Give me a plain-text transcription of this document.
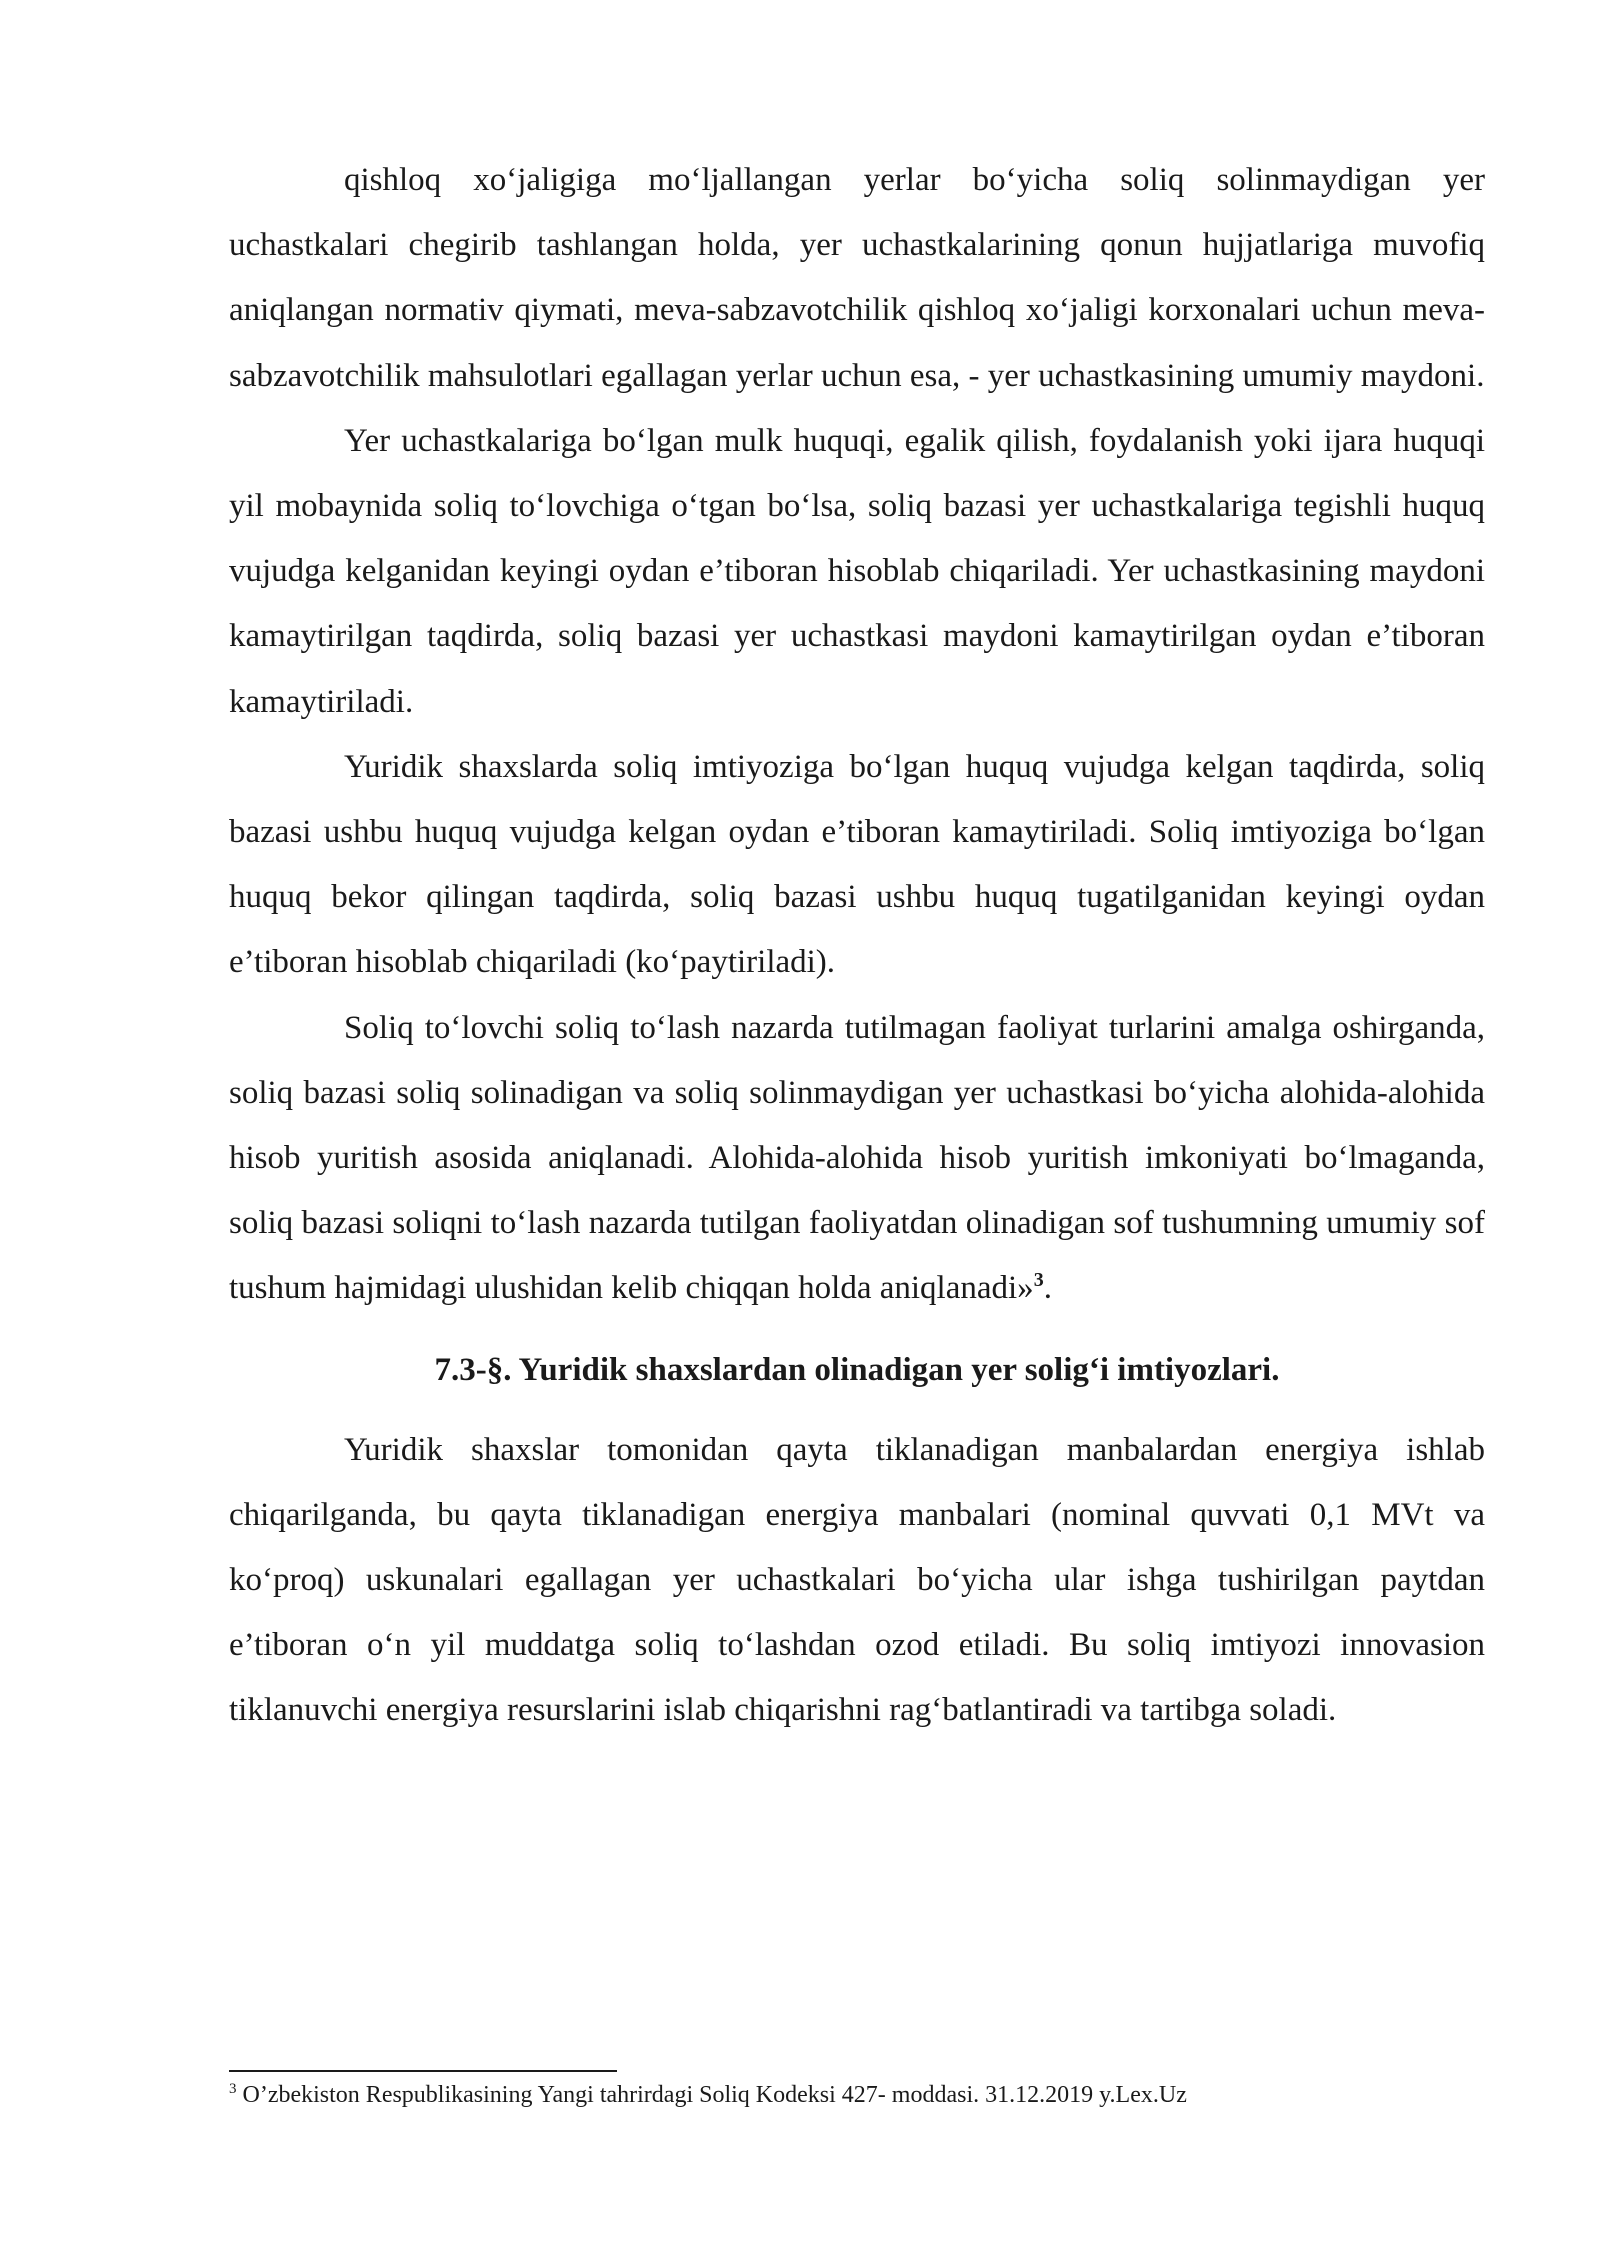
qishloq xo‘jaligiga mo‘ljallangan yerlar bo‘yicha soliq solinmaydigan yer uchastkalari chegirib tashlangan holda, yer uchastkalarining qonun hujjatlariga muvofiq aniqlangan normativ qiymati, meva-sabzavotchilik qishloq xo‘jaligi korxonalari uchun meva-sabzavotchilik mahsulotlari egallagan yerlar uchun esa, - yer uchastkasining umumiy maydoni.

Yer uchastkalariga bo‘lgan mulk huquqi, egalik qilish, foydalanish yoki ijara huquqi yil mobaynida soliq to‘lovchiga o‘tgan bo‘lsa, soliq bazasi yer uchastkalariga tegishli huquq vujudga kelganidan keyingi oydan e’tiboran hisoblab chiqariladi. Yer uchastkasining maydoni kamaytirilgan taqdirda, soliq bazasi yer uchastkasi maydoni kamaytirilgan oydan e’tiboran kamaytiriladi.

Yuridik shaxslarda soliq imtiyoziga bo‘lgan huquq vujudga kelgan taqdirda, soliq bazasi ushbu huquq vujudga kelgan oydan e’tiboran kamaytiriladi. Soliq imtiyoziga bo‘lgan huquq bekor qilingan taqdirda, soliq bazasi ushbu huquq tugatilganidan keyingi oydan e’tiboran hisoblab chiqariladi (ko‘paytiriladi).

Soliq to‘lovchi soliq to‘lash nazarda tutilmagan faoliyat turlarini amalga oshirganda, soliq bazasi soliq solinadigan va soliq solinmaydigan yer uchastkasi bo‘yicha alohida-alohida hisob yuritish asosida aniqlanadi. Alohida-alohida hisob yuritish imkoniyati bo‘lmaganda, soliq bazasi soliqni to‘lash nazarda tutilgan faoliyatdan olinadigan sof tushumning umumiy sof tushum hajmidagi ulushidan kelib chiqqan holda aniqlanadi»$^3$.

7.3-§. Yuridik shaxslardan olinadigan yer solig‘i imtiyozlari.

Yuridik shaxslar tomonidan qayta tiklanadigan manbalardan energiya ishlab chiqarilganda, bu qayta tiklanadigan energiya manbalari (nominal quvvati 0,1 MVt va ko‘proq) uskunalari egallagan yer uchastkalari bo‘yicha ular ishga tushirilgan paytdan e’tiboran o‘n yil muddatga soliq to‘lashdan ozod etiladi. Bu soliq imtiyozi innovasion tiklanuvchi energiya resurslarini islab chiqarishni rag‘batlantiradi va tartibga soladi.

$^3$ O’zbekiston Respublikasining Yangi tahrirdagi Soliq Kodeksi 427- moddasi. 31.12.2019 y.Lex.Uz
